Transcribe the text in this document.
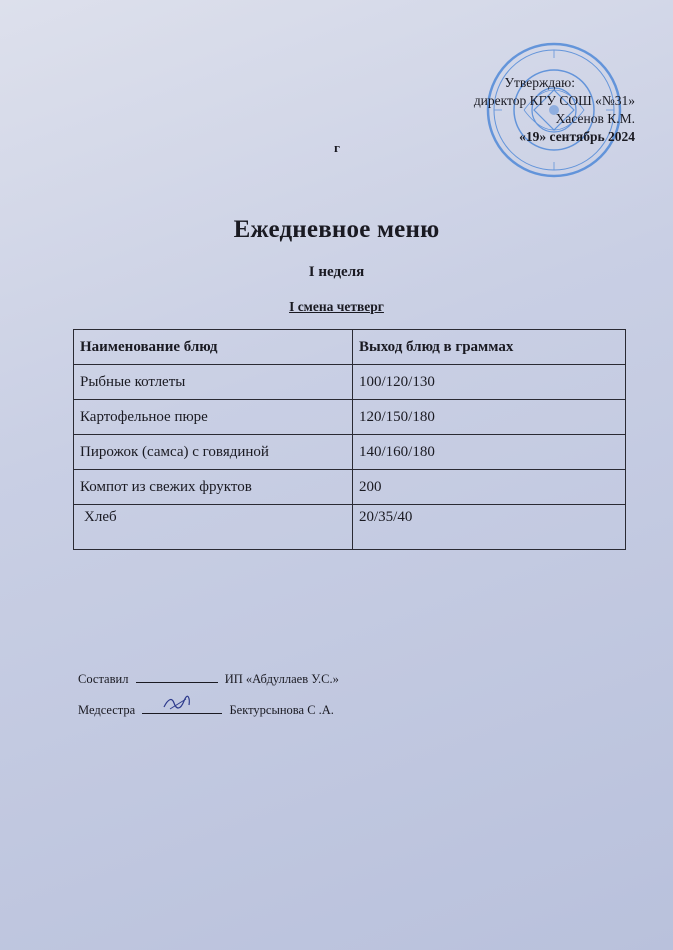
Утверждаю:
директор КГУ СОШ «№31»
Хасенов К.М.
«19» сентябрь 2024
г
Ежедневное меню
I неделя
I смена четверг
Наименование блюд	Выход блюд в граммах
Рыбные котлеты	100/120/130
Картофельное пюре	120/150/180
Пирожок (самса) с говядиной	140/160/180
Компот из свежих фруктов	200
Хлеб	20/35/40
Составил	ИП «Абдуллаев У.С.»
Медсестра	Бектурсынова С .А.
